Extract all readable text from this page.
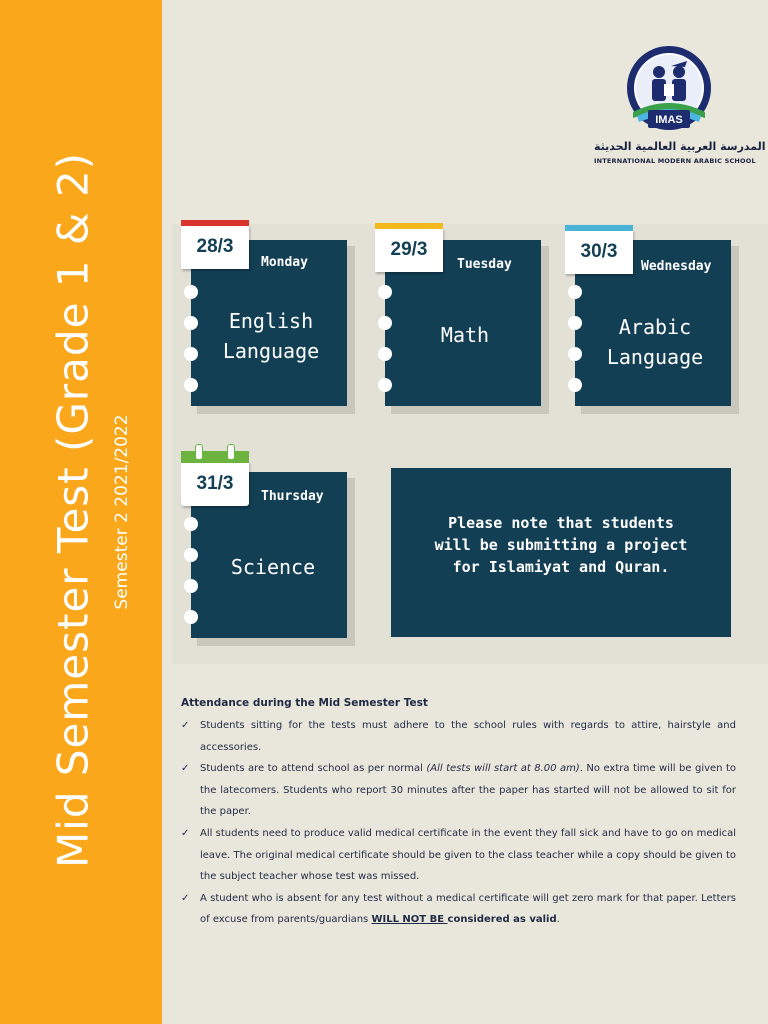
Mid Semester Test (Grade 1 & 2) Semester 2 2021/2022
IMAS
المدرسة العربية العالمية الحديثة
INTERNATIONAL MODERN ARABIC SCHOOL
English
Language
Monday
28/3
Math
Tuesday
29/3
Arabic
Language
Wednesday
30/3
Science
Thursday
31/3
Please note that students
will be submitting a project
for Islamiyat and Quran.
Attendance during the Mid Semester Test
✓ Students sitting for the tests must adhere to the school rules with regards to attire, hairstyle and accessories.
✓ Students are to attend school as per normal (All tests will start at 8.00 am). No extra time will be given to the latecomers. Students who report 30 minutes after the paper has started will not be allowed to sit for the paper.
✓ All students need to produce valid medical certificate in the event they fall sick and have to go on medical leave. The original medical certificate should be given to the class teacher while a copy should be given to the subject teacher whose test was missed.
✓ A student who is absent for any test without a medical certificate will get zero mark for that paper. Letters of excuse from parents/guardians WILL NOT BE considered as valid.
